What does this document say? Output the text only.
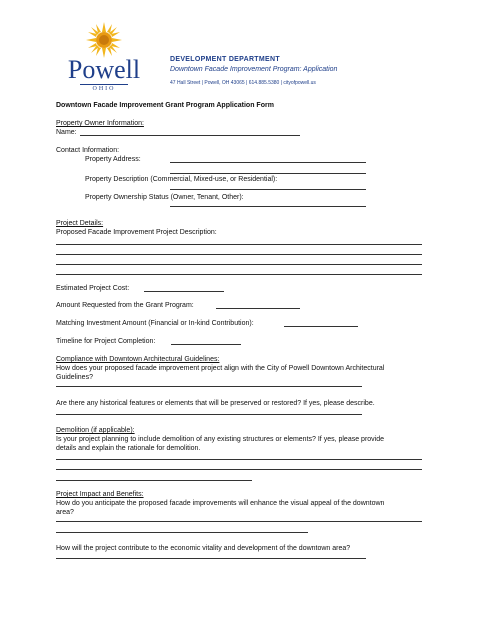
Powell
OHIO
DEVELOPMENT DEPARTMENT
Downtown Facade Improvement Program: Application
47 Hall Street | Powell, OH 43065 | 614.885.5380 | cityofpowell.us
Downtown Facade Improvement Grant Program Application Form
Property Owner Information:
Name:
Contact Information:
Property Address:
Property Description (Commercial, Mixed-use, or Residential):
Property Ownership Status (Owner, Tenant, Other):
Project Details:
Proposed Facade Improvement Project Description:
Estimated Project Cost:
Amount Requested from the Grant Program:
Matching Investment Amount (Financial or In-kind Contribution):
Timeline for Project Completion:
Compliance with Downtown Architectural Guidelines:
How does your proposed facade improvement project align with the City of Powell Downtown Architectural Guidelines?
Are there any historical features or elements that will be preserved or restored? If yes, please describe.
Demolition (if applicable):
Is your project planning to include demolition of any existing structures or elements? If yes, please provide details and explain the rationale for demolition.
Project Impact and Benefits:
How do you anticipate the proposed facade improvements will enhance the visual appeal of the downtown area?
How will the project contribute to the economic vitality and development of the downtown area?
